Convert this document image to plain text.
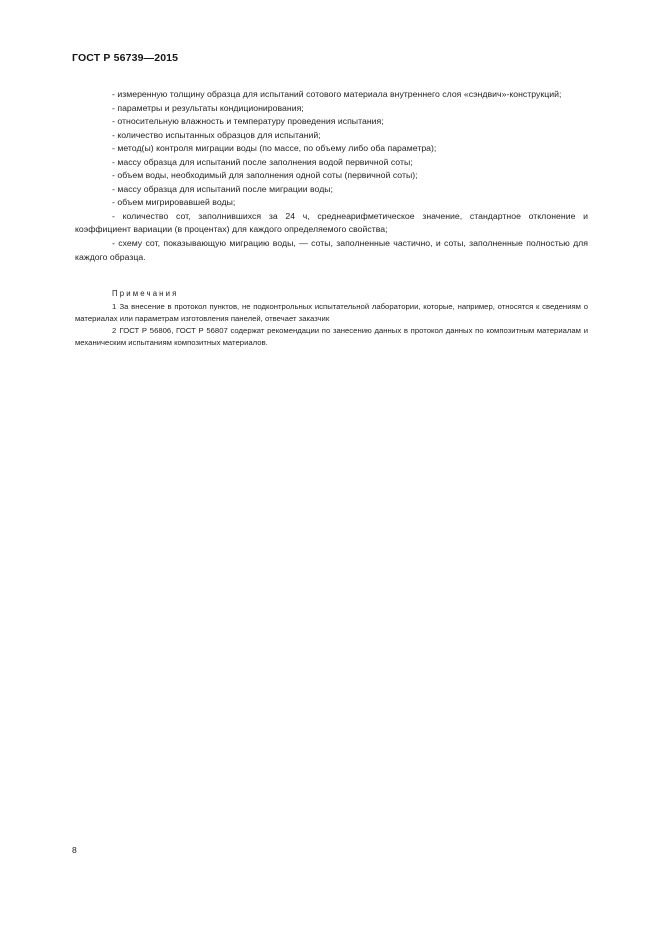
ГОСТ Р 56739—2015

- измеренную толщину образца для испытаний сотового материала внутреннего слоя «сэндвич»-конструкций;

- параметры и результаты кондиционирования;

- относительную влажность и температуру проведения испытания;

- количество испытанных образцов для испытаний;

- метод(ы) контроля миграции воды (по массе, по объему либо оба параметра);

- массу образца для испытаний после заполнения водой первичной соты;

- объем воды, необходимый для заполнения одной соты (первичной соты);

- массу образца для испытаний после миграции воды;

- объем мигрировавшей воды;

- количество сот, заполнившихся за 24 ч, среднеарифметическое значение, стандартное отклонение и коэффициент вариации (в процентах) для каждого определяемого свойства;

- схему сот, показывающую миграцию воды, — соты, заполненные частично, и соты, заполненные полностью для каждого образца.

Примечания

1 За внесение в протокол пунктов, не подконтрольных испытательной лаборатории, которые, например, относятся к сведениям о материалах или параметрам изготовления панелей, отвечает заказчик

2 ГОСТ Р 56806, ГОСТ Р 56807 содержат рекомендации по занесению данных в протокол данных по композитным материалам и механическим испытаниям композитных материалов.

8
